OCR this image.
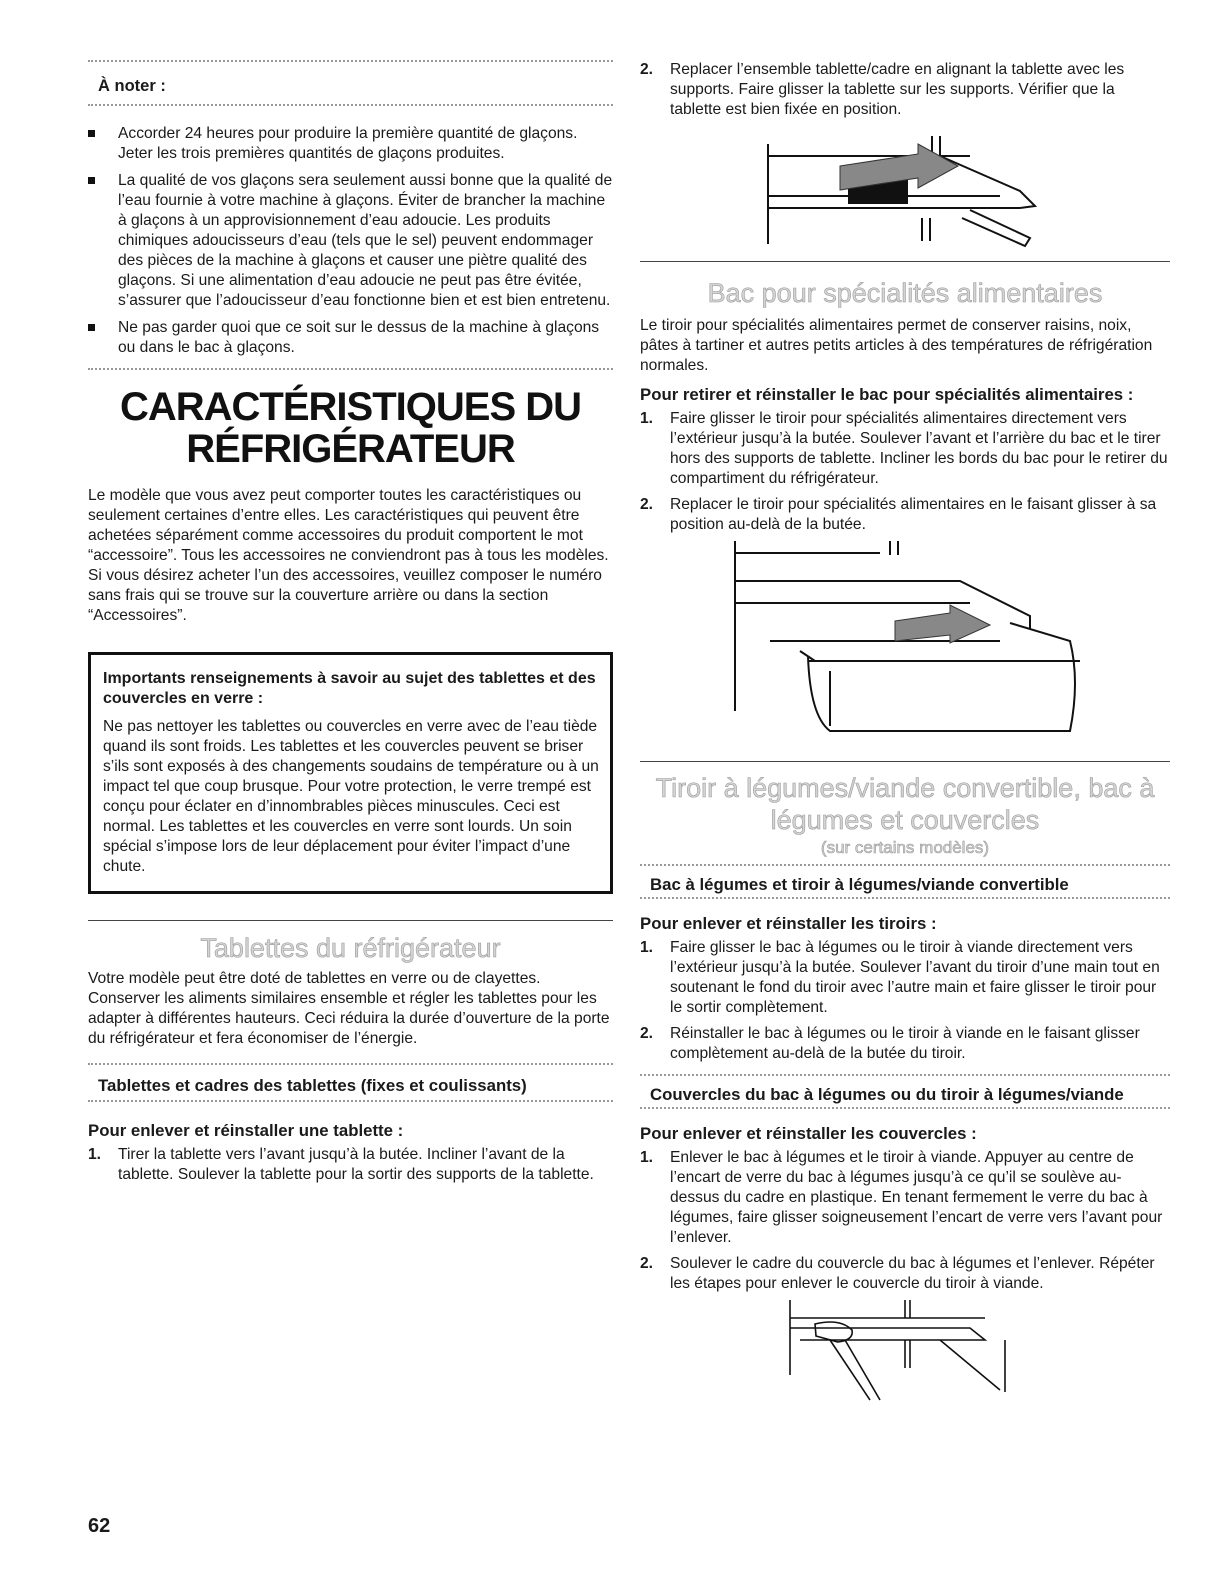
À noter :
Accorder 24 heures pour produire la première quantité de glaçons. Jeter les trois premières quantités de glaçons produites.
La qualité de vos glaçons sera seulement aussi bonne que la qualité de l’eau fournie à votre machine à glaçons. Éviter de brancher la machine à glaçons à un approvisionnement d’eau adoucie. Les produits chimiques adoucisseurs d’eau (tels que le sel) peuvent endommager des pièces de la machine à glaçons et causer une piètre qualité des glaçons. Si une alimentation d’eau adoucie ne peut pas être évitée, s’assurer que l’adoucisseur d’eau fonctionne bien et est bien entretenu.
Ne pas garder quoi que ce soit sur le dessus de la machine à glaçons ou dans le bac à glaçons.
CARACTÉRISTIQUES DU
RÉFRIGÉRATEUR

Le modèle que vous avez peut comporter toutes les caractéristiques ou seulement certaines d’entre elles. Les caractéristiques qui peuvent être achetées séparément comme accessoires du produit comportent le mot “accessoire”. Tous les accessoires ne conviendront pas à tous les modèles. Si vous désirez acheter l’un des accessoires, veuillez composer le numéro sans frais qui se trouve sur la couverture arrière ou dans la section “Accessoires”.

Importants renseignements à savoir au sujet des tablettes et des couvercles en verre :

Ne pas nettoyer les tablettes ou couvercles en verre avec de l’eau tiède quand ils sont froids. Les tablettes et les couvercles peuvent se briser s’ils sont exposés à des changements soudains de température ou à un impact tel que coup brusque. Pour votre protection, le verre trempé est conçu pour éclater en d’innombrables pièces minuscules. Ceci est normal. Les tablettes et les couvercles en verre sont lourds. Un soin spécial s’impose lors de leur déplacement pour éviter l’impact d’une chute.

Tablettes du réfrigérateur

Votre modèle peut être doté de tablettes en verre ou de clayettes. Conserver les aliments similaires ensemble et régler les tablettes pour les adapter à différentes hauteurs. Ceci réduira la durée d’ouverture de la porte du réfrigérateur et fera économiser de l’énergie.

Tablettes et cadres des tablettes (fixes et coulissants)
Pour enlever et réinstaller une tablette :
1. Tirer la tablette vers l’avant jusqu’à la butée. Incliner l’avant de la tablette. Soulever la tablette pour la sortir des supports de la tablette.
62
2. Replacer l’ensemble tablette/cadre en alignant la tablette avec les supports. Faire glisser la tablette sur les supports. Vérifier que la tablette est bien fixée en position.
Bac pour spécialités alimentaires

Le tiroir pour spécialités alimentaires permet de conserver raisins, noix, pâtes à tartiner et autres petits articles à des températures de réfrigération normales.

Pour retirer et réinstaller le bac pour spécialités alimentaires :
1. Faire glisser le tiroir pour spécialités alimentaires directement vers l’extérieur jusqu’à la butée. Soulever l’avant et l’arrière du bac et le tirer hors des supports de tablette. Incliner les bords du bac pour le retirer du compartiment du réfrigérateur.
2. Replacer le tiroir pour spécialités alimentaires en le faisant glisser à sa position au-delà de la butée.
Tiroir à légumes/viande convertible, bac à
légumes et couvercles
(sur certains modèles)
Bac à légumes et tiroir à légumes/viande convertible
Pour enlever et réinstaller les tiroirs :
1. Faire glisser le bac à légumes ou le tiroir à viande directement vers l’extérieur jusqu’à la butée. Soulever l’avant du tiroir d’une main tout en soutenant le fond du tiroir avec l’autre main et faire glisser le tiroir pour le sortir complètement.
2. Réinstaller le bac à légumes ou le tiroir à viande en le faisant glisser complètement au-delà de la butée du tiroir.
Couvercles du bac à légumes ou du tiroir à légumes/viande
Pour enlever et réinstaller les couvercles :
1. Enlever le bac à légumes et le tiroir à viande. Appuyer au centre de l’encart de verre du bac à légumes jusqu’à ce qu’il se soulève au-dessus du cadre en plastique. En tenant fermement le verre du bac à légumes, faire glisser soigneusement l’encart de verre vers l’avant pour l’enlever.
2. Soulever le cadre du couvercle du bac à légumes et l’enlever. Répéter les étapes pour enlever le couvercle du tiroir à viande.
